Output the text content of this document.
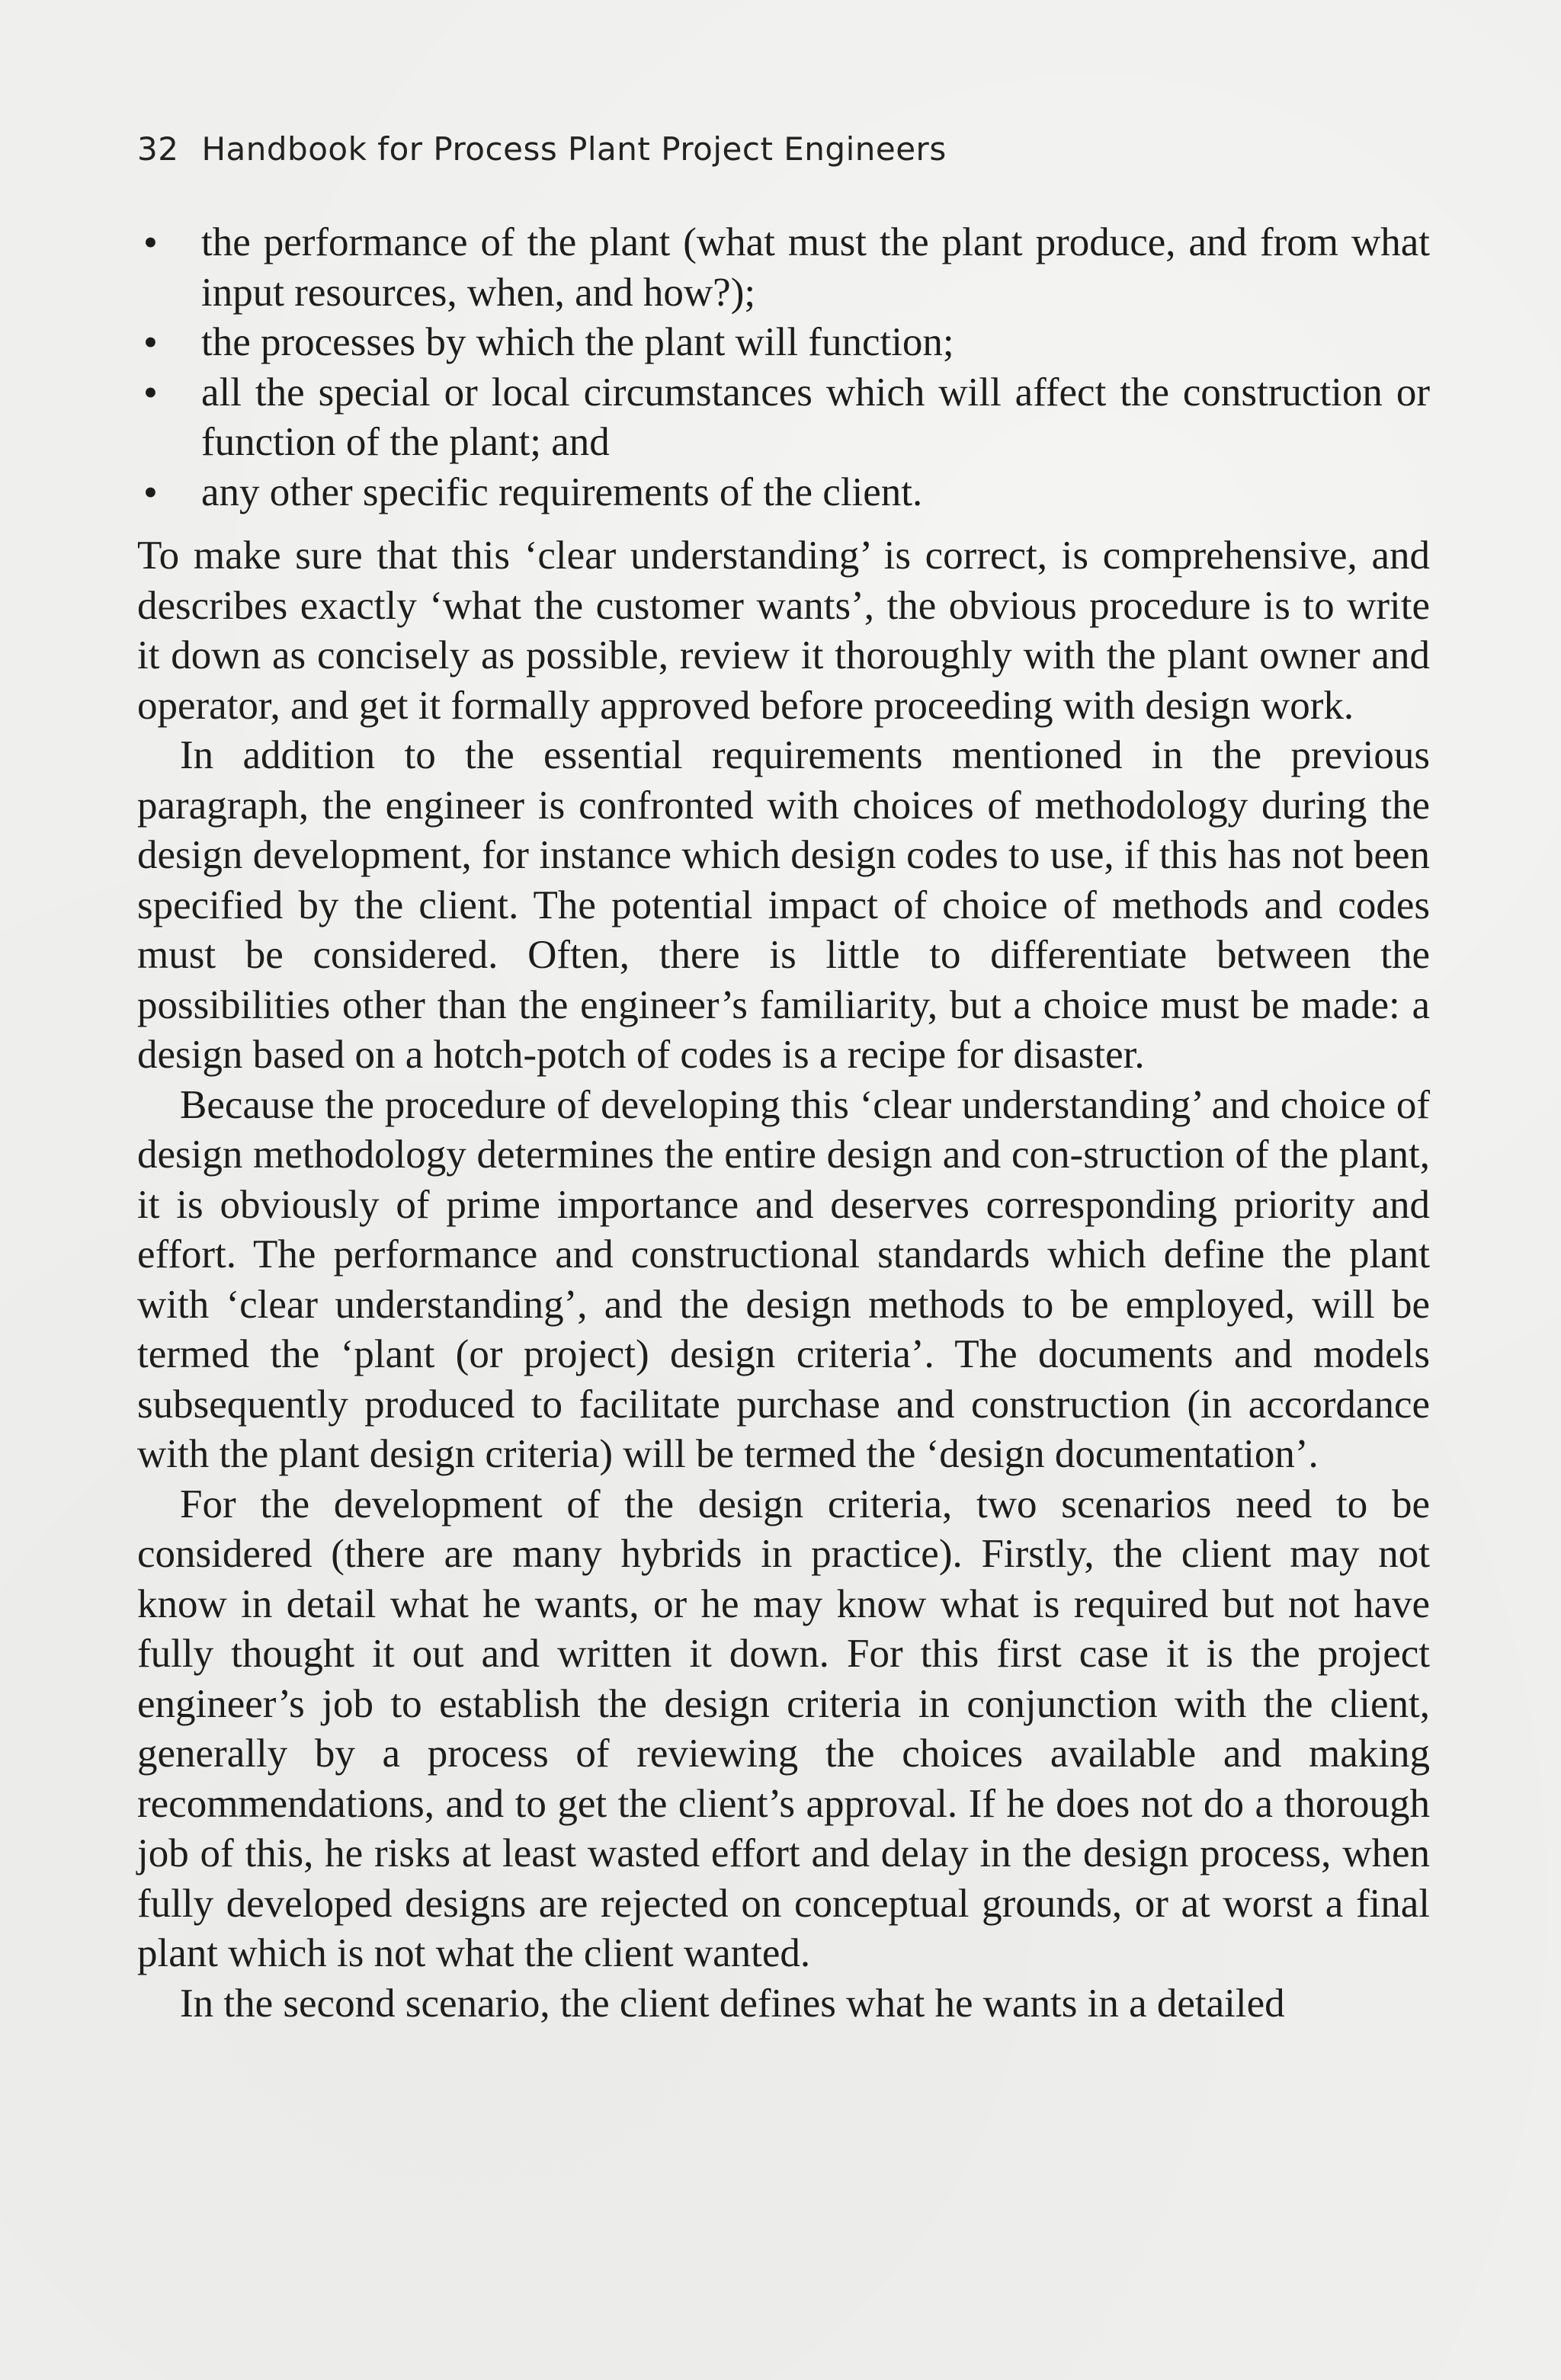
32 Handbook for Process Plant Project Engineers
• the performance of the plant (what must the plant produce, and from what input resources, when, and how?);
• the processes by which the plant will function;
• all the special or local circumstances which will affect the construction or function of the plant; and
• any other specific requirements of the client.

To make sure that this ‘clear understanding’ is correct, is comprehensive, and describes exactly ‘what the customer wants’, the obvious procedure is to write it down as concisely as possible, review it thoroughly with the plant owner and operator, and get it formally approved before proceeding with design work.

In addition to the essential requirements mentioned in the previous paragraph, the engineer is confronted with choices of methodology during the design development, for instance which design codes to use, if this has not been specified by the client. The potential impact of choice of methods and codes must be considered. Often, there is little to differentiate between the possibilities other than the engineer’s familiarity, but a choice must be made: a design based on a hotch-potch of codes is a recipe for disaster.

Because the procedure of developing this ‘clear understanding’ and choice of design methodology determines the entire design and con-struction of the plant, it is obviously of prime importance and deserves corresponding priority and effort. The performance and constructional standards which define the plant with ‘clear understanding’, and the design methods to be employed, will be termed the ‘plant (or project) design criteria’. The documents and models subsequently produced to facilitate purchase and construction (in accordance with the plant design criteria) will be termed the ‘design documentation’.

For the development of the design criteria, two scenarios need to be considered (there are many hybrids in practice). Firstly, the client may not know in detail what he wants, or he may know what is required but not have fully thought it out and written it down. For this first case it is the project engineer’s job to establish the design criteria in conjunction with the client, generally by a process of reviewing the choices available and making recommendations, and to get the client’s approval. If he does not do a thorough job of this, he risks at least wasted effort and delay in the design process, when fully developed designs are rejected on conceptual grounds, or at worst a final plant which is not what the client wanted.

In the second scenario, the client defines what he wants in a detailed
